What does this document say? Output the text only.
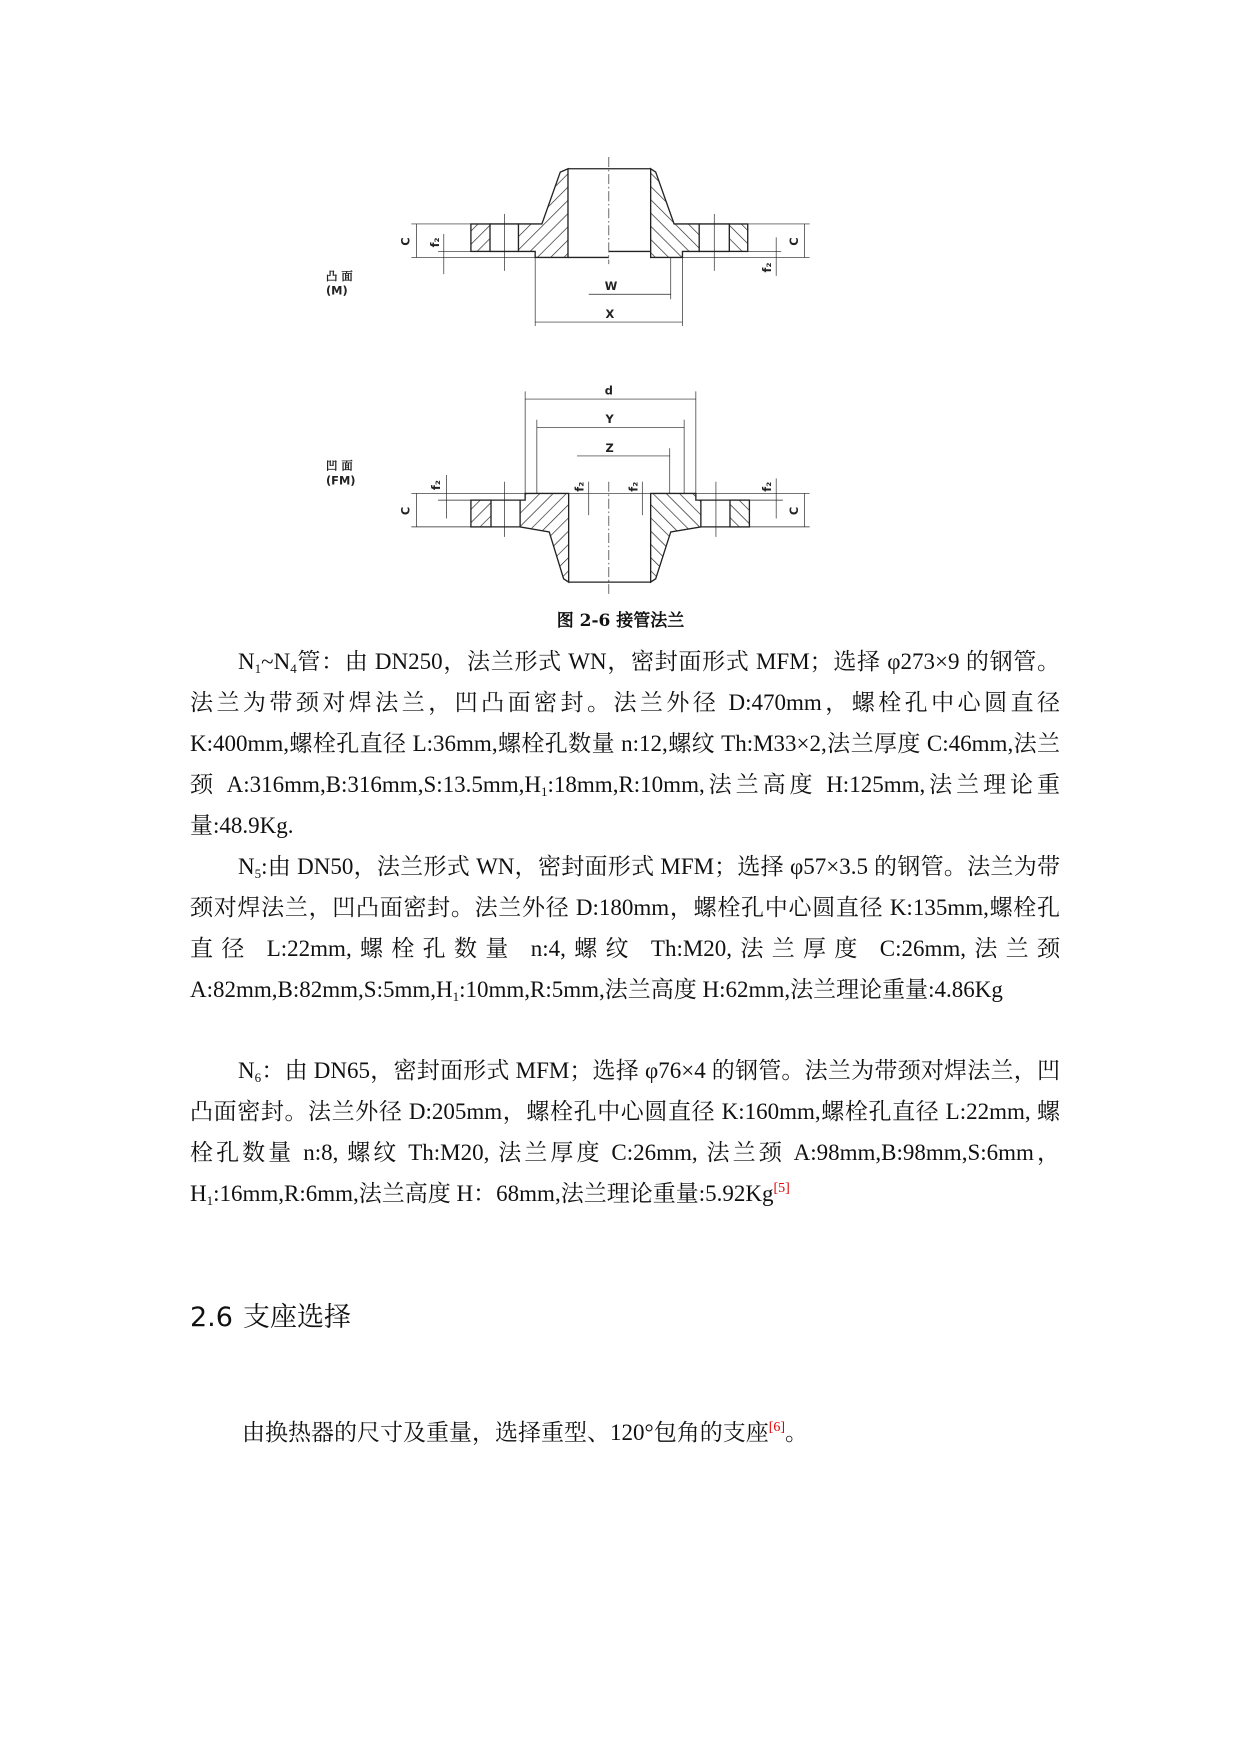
凸 面
(M)
凹 面
(FM)
W
X
d
Y
Z
C	C
C	C
f₂
f₂
f₂	f₂ f₂	f₂
图 2-6 接管法兰

$N_1\sim N_4$管：由 DN250，法兰形式 WN，密封面形式 MFM；选择 φ273×9 的钢管。法兰为带颈对焊法兰，凹凸面密封。法兰外径 D:470mm，螺栓孔中心圆直径 K:400mm,螺栓孔直径 L:36mm,螺栓孔数量 n:12,螺纹 Th:M33×2,法兰厚度 C:46mm,法兰颈 $A:316mm,B:316mm,S:13.5mm,H_1:18mm,R:10mm$,法兰高度 H:125mm,法兰理论重量:48.9Kg.

$N_5$:由 DN50，法兰形式 WN，密封面形式 MFM；选择 φ57×3.5 的钢管。法兰为带颈对焊法兰，凹凸面密封。法兰外径 D:180mm，螺栓孔中心圆直径 K:135mm,螺栓孔直径 L:22mm,螺栓孔数量 n:4,螺纹 Th:M20,法兰厚度 C:26mm,法兰颈 $A:82mm,B:82mm,S:5mm,H_1:10mm,R:5mm$,法兰高度 H:62mm,法兰理论重量:4.86Kg

$N_6$：由 DN65，密封面形式 MFM；选择 φ76×4 的钢管。法兰为带颈对焊法兰，凹凸面密封。法兰外径 D:205mm，螺栓孔中心圆直径 K:160mm,螺栓孔直径 L:22mm, 螺栓孔数量 n:8, 螺纹 Th:M20, 法兰厚度 C:26mm, 法兰颈 A:98mm,B:98mm,S:6mm， $H_1:16mm,R:6mm$,法兰高度 H：68mm,法兰理论重量:5.92Kg[5]

2.6 支座选择

由换热器的尺寸及重量，选择重型、120°包角的支座[6]。
